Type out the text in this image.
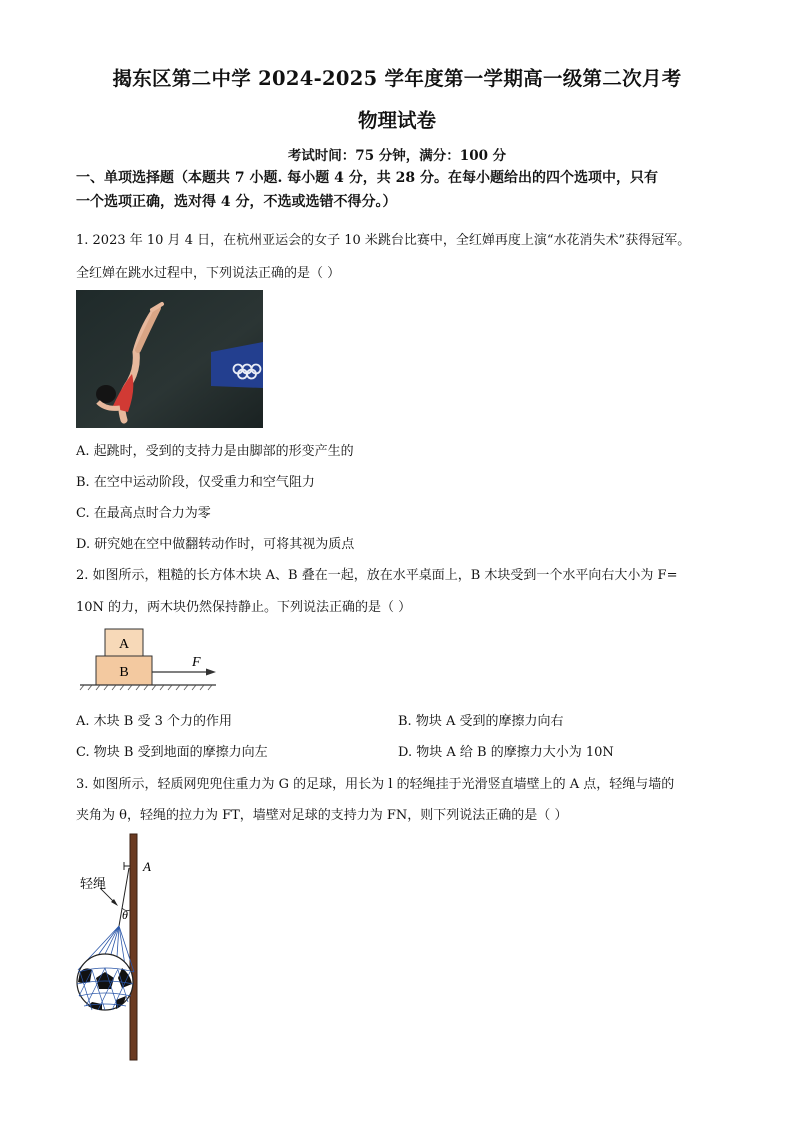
揭东区第二中学 2024-2025 学年度第一学期高一级第二次月考
物理试卷
考试时间：75 分钟，满分：100 分
一、单项选择题（本题共 7 小题. 每小题 4 分，共 28 分。在每小题给出的四个选项中，只有
一个选项正确，选对得 4 分，不选或选错不得分。）
1. 2023 年 10 月 4 日，在杭州亚运会的女子 10 米跳台比赛中，全红婵再度上演“水花消失术”获得冠军。
全红婵在跳水过程中，下列说法正确的是（ ）
A. 起跳时，受到的支持力是由脚部的形变产生的
B. 在空中运动阶段，仅受重力和空气阻力
C. 在最高点时合力为零
D. 研究她在空中做翻转动作时，可将其视为质点
2. 如图所示，粗糙的长方体木块 A、B 叠在一起，放在水平桌面上，B 木块受到一个水平向右大小为 F=
10N 的力，两木块仍然保持静止。下列说法正确的是（ ）
A
B
F
A. 木块 B 受 3 个力的作用	B. 物块 A 受到的摩擦力向右
C. 物块 B 受到地面的摩擦力向左	D. 物块 A 给 B 的摩擦力大小为 10N
3. 如图所示，轻质网兜兜住重力为 G 的足球，用长为 l 的轻绳挂于光滑竖直墙壁上的 A 点，轻绳与墙的
夹角为 θ，轻绳的拉力为 FT，墙壁对足球的支持力为 FN，则下列说法正确的是（ ）
轻绳
A
θ
